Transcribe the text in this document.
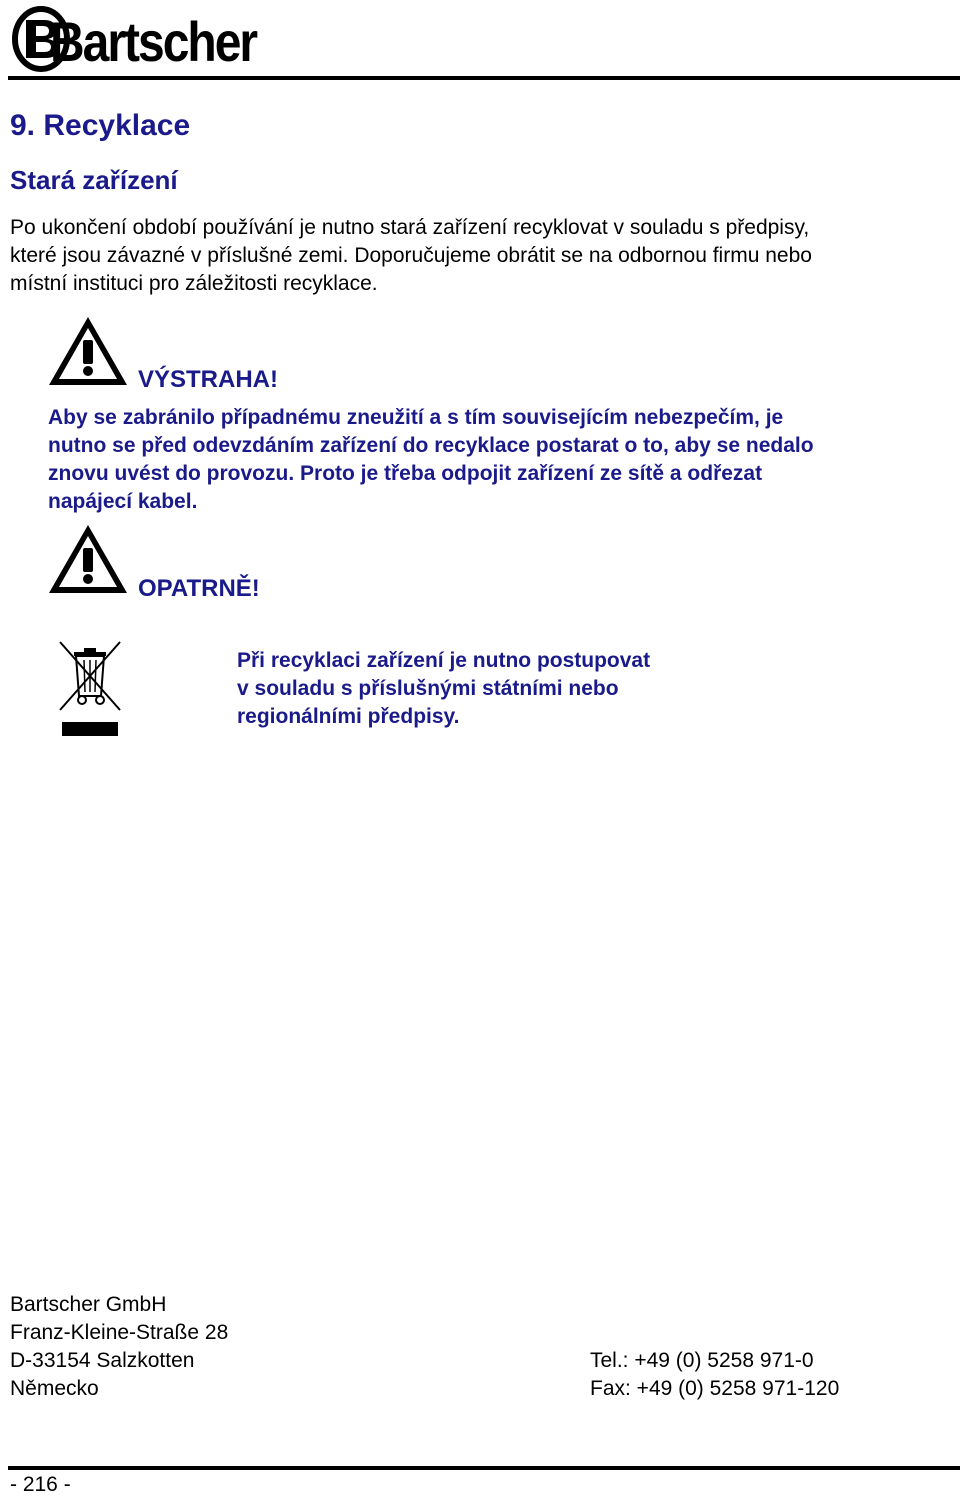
Bartscher
9. Recyklace
Stará zařízení

Po ukončení období používání je nutno stará zařízení recyklovat v souladu s předpisy,

které jsou závazné v příslušné zemi. Doporučujeme obrátit se na odbornou firmu nebo

místní instituci pro záležitosti recyklace.

VÝSTRAHA!

Aby se zabránilo případnému zneužití a s tím souvisejícím nebezpečím, je

nutno se před odevzdáním zařízení do recyklace postarat o to, aby se nedalo

znovu uvést do provozu. Proto je třeba odpojit zařízení ze sítě a odřezat

napájecí kabel.

OPATRNĚ!

Při recyklaci zařízení je nutno postupovat

v souladu s příslušnými státními nebo

regionálními předpisy.

Bartscher GmbH
Franz-Kleine-Straße 28
D-33154 Salzkotten
Německo
Tel.: +49 (0) 5258 971-0
Fax: +49 (0) 5258 971-120
- 216 -
